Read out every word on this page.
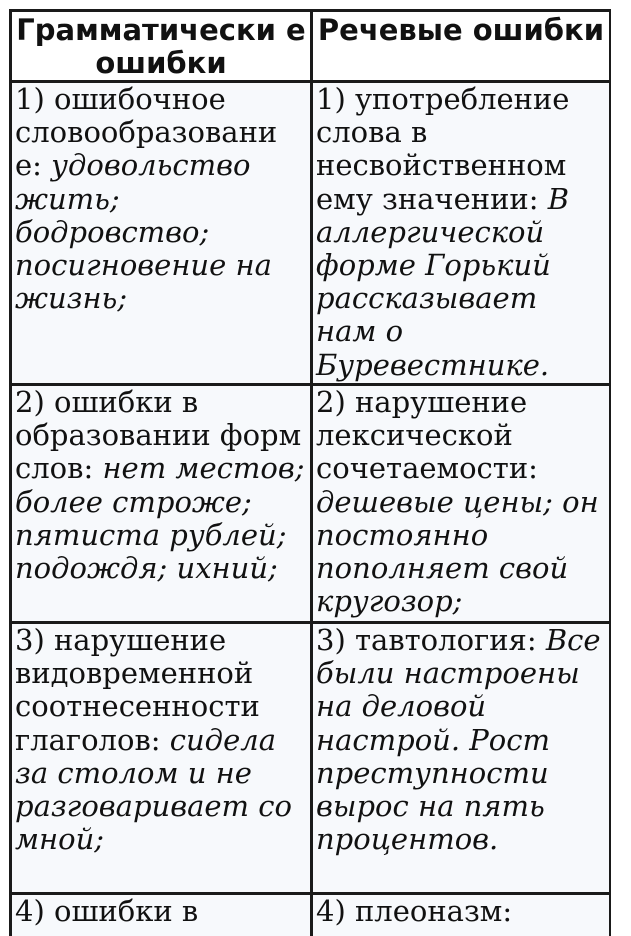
Грамматически е ошибки	Речевые ошибки
1) ошибочное словообразовани е: удовольство жить; бодровство; посигновение на жизнь;	1) употребление слова в несвойственном ему значении: В аллергической форме Горький рассказывает нам о Буревестнике.
2) ошибки в образовании форм слов: нет местов; более строже; пятиста рублей; подождя; ихний;	2) нарушение лексической сочетаемости: дешевые цены; он постоянно пополняет свой кругозор;
3) нарушение видовременной соотнесенности глаголов: сидела за столом и не разговаривает со мной;	3) тавтология: Все были настроены на деловой настрой. Рост преступности вырос на пять процентов.
4) ошибки в	4) плеоназм:
